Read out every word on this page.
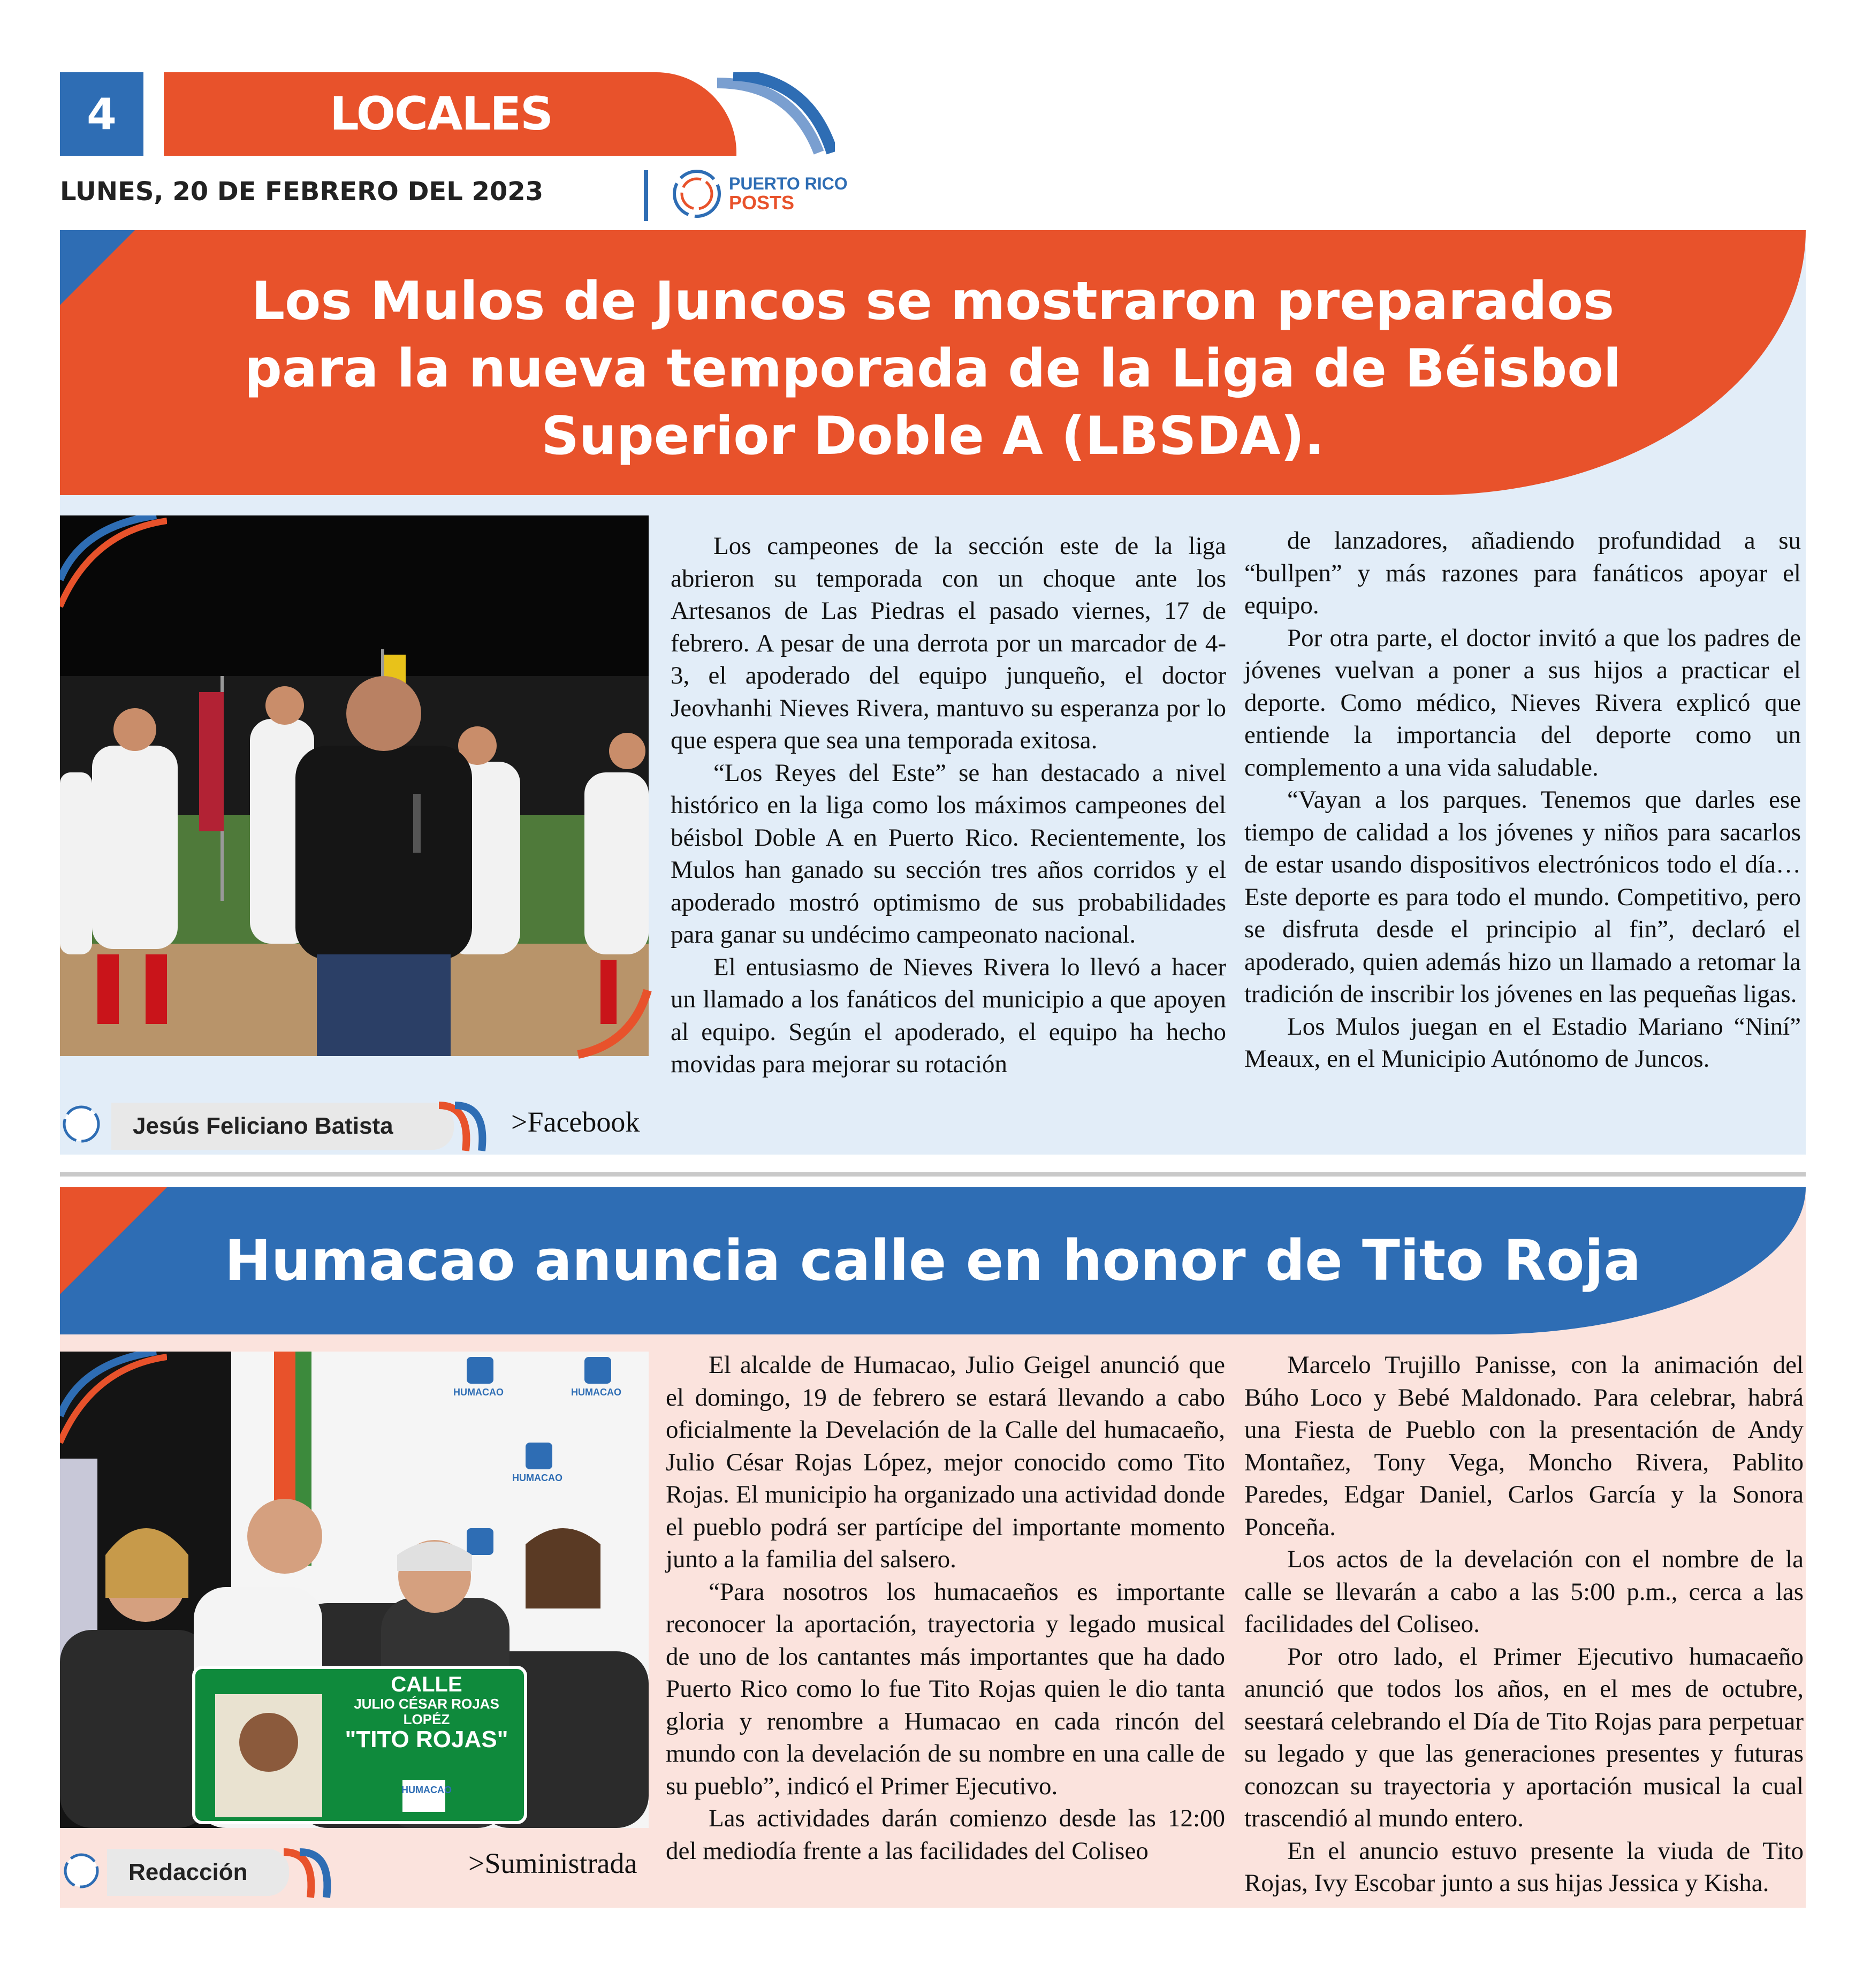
4	LOCALES
LUNES, 20 DE FEBRERO DEL 2023	PUERTO RICO
POSTS
Los Mulos de Juncos se mostraron preparados para la nueva temporada de la Liga de Béisbol Superior Doble A (LBSDA).
Jesús Feliciano Batista	>Facebook

Los campeones de la sección este de la liga abrieron su temporada con un choque ante los Artesanos de Las Piedras el pasado viernes, 17 de febrero. A pesar de una derrota por un marcador de 4-3, el apoderado del equipo junqueño, el doctor Jeovhanhi Nieves Rivera, mantuvo su esperanza por lo que espera que sea una temporada exitosa.

“Los Reyes del Este” se han destacado a nivel histórico en la liga como los máximos campeones del béisbol Doble A en Puerto Rico. Recientemente, los Mulos han ganado su sección tres años corridos y el apoderado mostró optimismo de sus probabilidades para ganar su undécimo campeonato nacional.

El entusiasmo de Nieves Rivera lo llevó a hacer un llamado a los fanáticos del municipio a que apoyen al equipo. Según el apoderado, el equipo ha hecho movidas para mejorar su rotación

de lanzadores, añadiendo profundidad a su “bullpen” y más razones para fanáticos apoyar el equipo.

Por otra parte, el doctor invitó a que los padres de jóvenes vuelvan a poner a sus hijos a practicar el deporte. Como médico, Nieves Rivera explicó que entiende la importancia del deporte como un complemento a una vida saludable.

“Vayan a los parques. Tenemos que darles ese tiempo de calidad a los jóvenes y niños para sacarlos de estar usando dispositivos electrónicos todo el día… Este deporte es para todo el mundo. Competitivo, pero se disfruta desde el principio al fin”, declaró el apoderado, quien además hizo un llamado a retomar la tradición de inscribir los jóvenes en las pequeñas ligas.

Los Mulos juegan en el Estadio Mariano “Niní” Meaux, en el Municipio Autónomo de Juncos.

Humacao anuncia calle en honor de Tito Roja
CALLE
JULIO CÉSAR ROJAS LOPÉZ
"TITO ROJAS"
HUMACAO
HUMACAO	HUMACAO
HUMACAO
Redacción	>Suministrada

El alcalde de Humacao, Julio Geigel anunció que el domingo, 19 de febrero se estará llevando a cabo oficialmente la Develación de la Calle del humacaeño, Julio César Rojas López, mejor conocido como Tito Rojas. El municipio ha organizado una actividad donde el pueblo podrá ser partícipe del importante momento junto a la familia del salsero.

“Para nosotros los humacaeños es importante reconocer la aportación, trayectoria y legado musical de uno de los cantantes más importantes que ha dado Puerto Rico como lo fue Tito Rojas quien le dio tanta gloria y renombre a Humacao en cada rincón del mundo con la develación de su nombre en una calle de su pueblo”, indicó el Primer Ejecutivo.

Las actividades darán comienzo desde las 12:00 del mediodía frente a las facilidades del Coliseo

Marcelo Trujillo Panisse, con la animación del Búho Loco y Bebé Maldonado. Para celebrar, habrá una Fiesta de Pueblo con la presentación de Andy Montañez, Tony Vega, Moncho Rivera, Pablito Paredes, Edgar Daniel, Carlos García y la Sonora Ponceña.

Los actos de la develación con el nombre de la calle se llevarán a cabo a las 5:00 p.m., cerca a las facilidades del Coliseo.

Por otro lado, el Primer Ejecutivo humacaeño anunció que todos los años, en el mes de octubre, seestará celebrando el Día de Tito Rojas para perpetuar su legado y que las generaciones presentes y futuras conozcan su trayectoria y aportación musical la cual trascendió al mundo entero.

En el anuncio estuvo presente la viuda de Tito Rojas, Ivy Escobar junto a sus hijas Jessica y Kisha.
